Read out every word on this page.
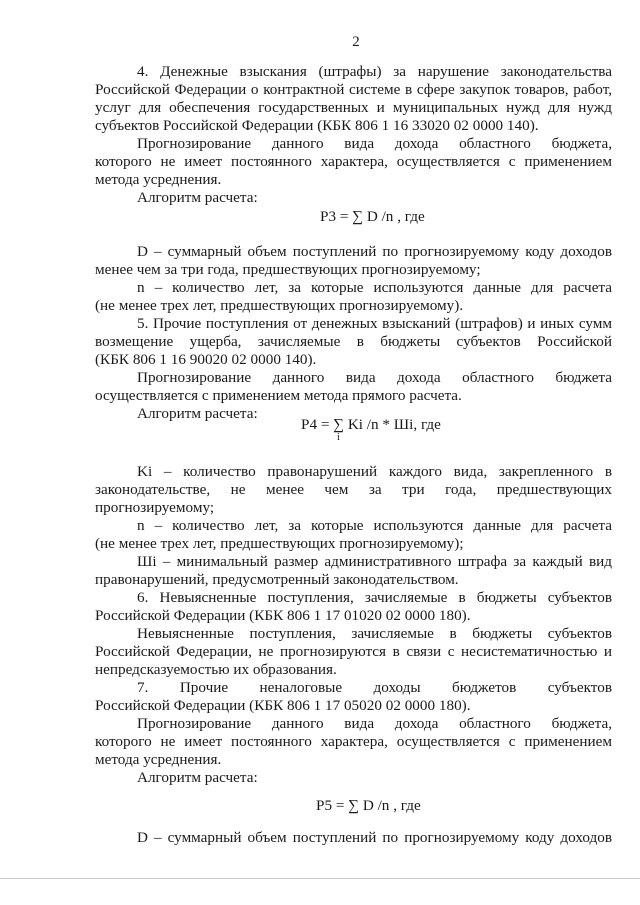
2
4. Денежные взыскания (штрафы) за нарушение законодательства
Российской Федерации о контрактной системе в сфере закупок товаров, работ,
услуг для обеспечения государственных и муниципальных нужд для нужд
субъектов Российской Федерации (КБК 806 1 16 33020 02 0000 140).
Прогнозирование данного вида дохода областного бюджета,
которого не имеет постоянного характера, осуществляется с применением
метода усреднения.
Алгоритм расчета:
Р3 = ∑ D /n , где
D – суммарный объем поступлений по прогнозируемому коду доходов
менее чем за три года, предшествующих прогнозируемому;
n – количество лет, за которые используются данные для расчета
(не менее трех лет, предшествующих прогнозируемому).
5. Прочие поступления от денежных взысканий (штрафов) и иных сумм
возмещение ущерба, зачисляемые в бюджеты субъектов Российской
(КБК 806 1 16 90020 02 0000 140).
Прогнозирование данного вида дохода областного бюджета
осуществляется с применением метода прямого расчета.
Алгоритм расчета:
Р4 = ∑ Ki /n * Шi, где
i
Ki – количество правонарушений каждого вида, закрепленного в
законодательстве, не менее чем за три года, предшествующих
прогнозируемому;
n – количество лет, за которые используются данные для расчета
(не менее трех лет, предшествующих прогнозируемому);
Шi – минимальный размер административного штрафа за каждый вид
правонарушений, предусмотренный законодательством.
6. Невыясненные поступления, зачисляемые в бюджеты субъектов
Российской Федерации (КБК 806 1 17 01020 02 0000 180).
Невыясненные поступления, зачисляемые в бюджеты субъектов
Российской Федерации, не прогнозируются в связи с несистематичностью и
непредсказуемостью их образования.
7. Прочие неналоговые доходы бюджетов субъектов
Российской Федерации (КБК 806 1 17 05020 02 0000 180).
Прогнозирование данного вида дохода областного бюджета,
которого не имеет постоянного характера, осуществляется с применением
метода усреднения.
Алгоритм расчета:
Р5 = ∑ D /n , где
D – суммарный объем поступлений по прогнозируемому коду доходов
